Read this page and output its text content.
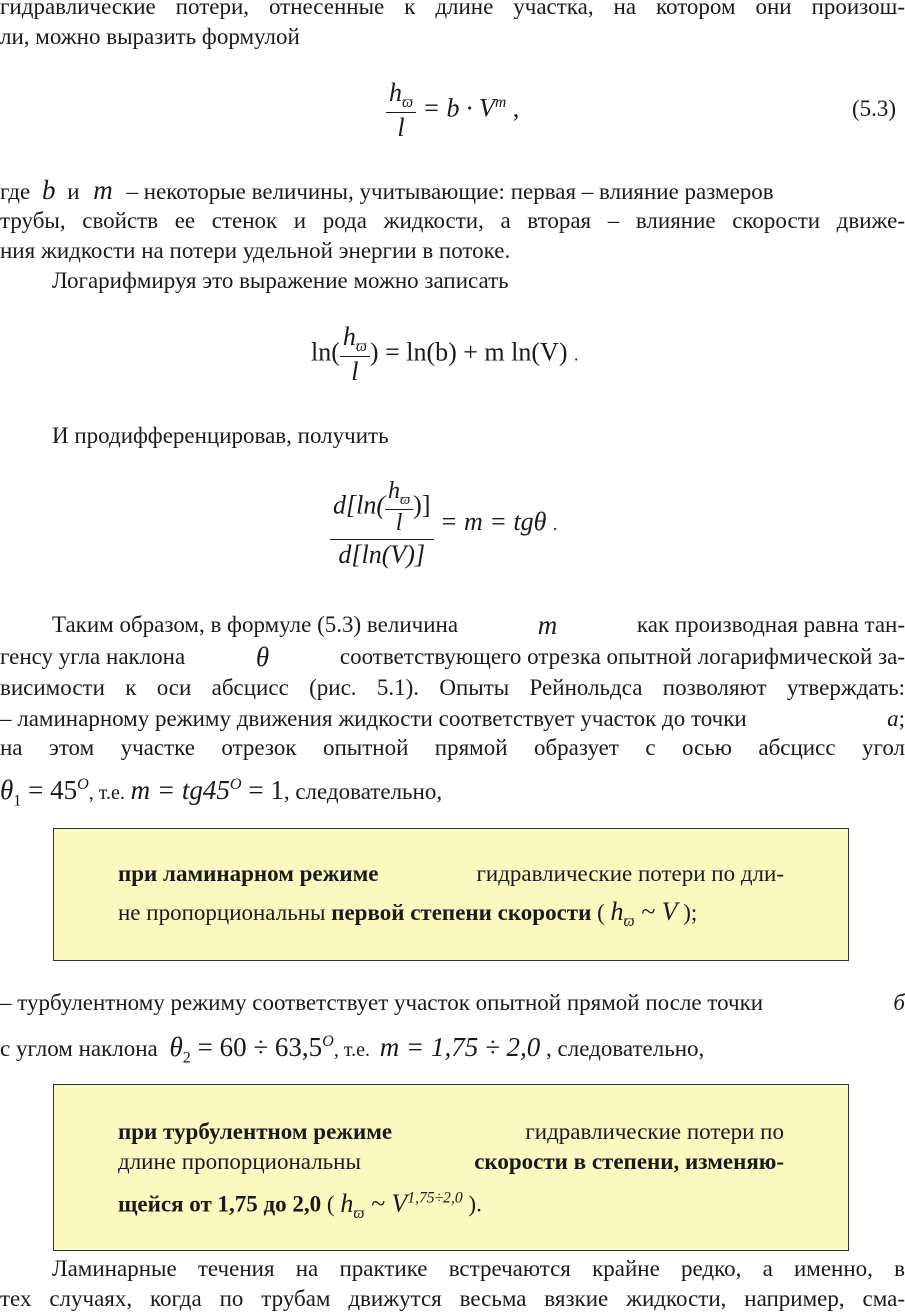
гидравлические потери, отнесенные к длине участка, на котором они произош-
ли, можно выразить формулой
$\frac{h_ϖ}{l} = b \cdot V^m$ ,	(5.3)
где b и m – некоторые величины, учитывающие: первая – влияние размеров
трубы, свойств ее стенок и рода жидкости, а вторая – влияние скорости движе-
ния жидкости на потери удельной энергии в потоке.
Логарифмируя это выражение можно записать
$\ln( \frac{h_ϖ}{l}$ ) = ln(b) + m ln(V) .
И продифференцировав, получить
$\frac{d[\ln( \frac{h_ϖ}{l} )]}{d[\ln(V)]} = m = tg\theta$ .
Таким образом, в формуле (5.3) величина	m	как производная равна тан-
генсу угла наклона	θ	соответствующего отрезка опытной логарифмической за-
висимости к оси абсцисс (рис. 5.1). Опыты Рейнольдса позволяют утверждать:
– ламинарному режиму движения жидкости соответствует участок до точки	а;
на этом участке отрезок опытной прямой образует с осью абсцисс угол
$\theta_1 = 45^O$, т.е. $m = tg45^O = 1$, следовательно,
при ламинарном режиме	гидравлические потери по дли-
не пропорциональны первой степени скорости ( $h_ϖ$ ~ V );
– турбулентному режиму соответствует участок опытной прямой после точки	б
с углом наклона $\theta_2 = 60 \div 63,5^O$, т.е. m = 1,75 ÷ 2,0 , следовательно,
при турбулентном режиме	гидравлические потери по
длине пропорциональны	скорости в степени, изменяю-
щейся от 1,75 до 2,0 ( $h_ϖ$ ~ $V^{1,75\div 2,0}$ ).
Ламинарные течения на практике встречаются крайне редко, а именно, в
тех случаях, когда по трубам движутся весьма вязкие жидкости, например, сма-
